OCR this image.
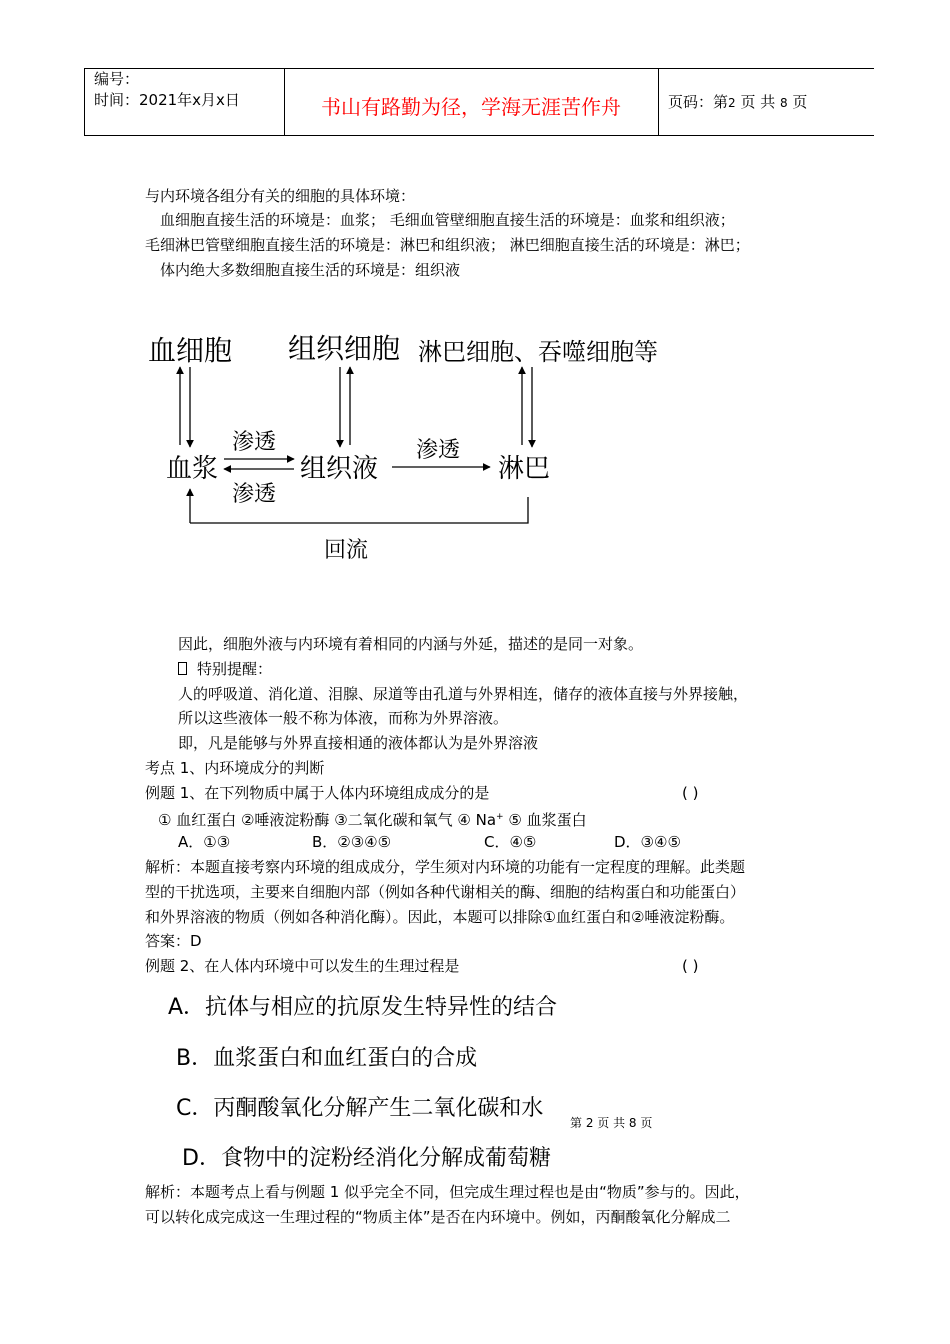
编号：
时间：2021年x月x日	书山有路勤为径，学海无涯苦作舟	页码：第2 页 共 8 页
与内环境各组分有关的细胞的具体环境：
血细胞直接生活的环境是：血浆； 毛细血管壁细胞直接生活的环境是：血浆和组织液；
毛细淋巴管壁细胞直接生活的环境是：淋巴和组织液； 淋巴细胞直接生活的环境是：淋巴；
体内绝大多数细胞直接生活的环境是：组织液
血细胞 组织细胞 淋巴细胞、吞噬细胞等
血浆	组织液	淋巴
渗透
渗透
渗透
回流
因此，细胞外液与内环境有着相同的内涵与外延，描述的是同一对象。
特别提醒：
人的呼吸道、消化道、泪腺、尿道等由孔道与外界相连，储存的液体直接与外界接触，
所以这些液体一般不称为体液，而称为外界溶液。
即，凡是能够与外界直接相通的液体都认为是外界溶液
考点 1、内环境成分的判断
例题 1、在下列物质中属于人体内环境组成成分的是	( )
① 血红蛋白 ②唾液淀粉酶 ③二氧化碳和氧气 ④ Na+ ⑤ 血浆蛋白
A．①③	B．②③④⑤	C．④⑤	D．③④⑤
解析：本题直接考察内环境的组成成分，学生须对内环境的功能有一定程度的理解。此类题
型的干扰选项，主要来自细胞内部（例如各种代谢相关的酶、细胞的结构蛋白和功能蛋白）
和外界溶液的物质（例如各种消化酶）。因此，本题可以排除①血红蛋白和②唾液淀粉酶。
答案：D
例题 2、在人体内环境中可以发生的生理过程是	( )
A．抗体与相应的抗原发生特异性的结合
B．血浆蛋白和血红蛋白的合成
C．丙酮酸氧化分解产生二氧化碳和水
第 2 页 共 8 页
D．食物中的淀粉经消化分解成葡萄糖
解析：本题考点上看与例题 1 似乎完全不同，但完成生理过程也是由“物质”参与的。因此，
可以转化成完成这一生理过程的“物质主体”是否在内环境中。例如，丙酮酸氧化分解成二
